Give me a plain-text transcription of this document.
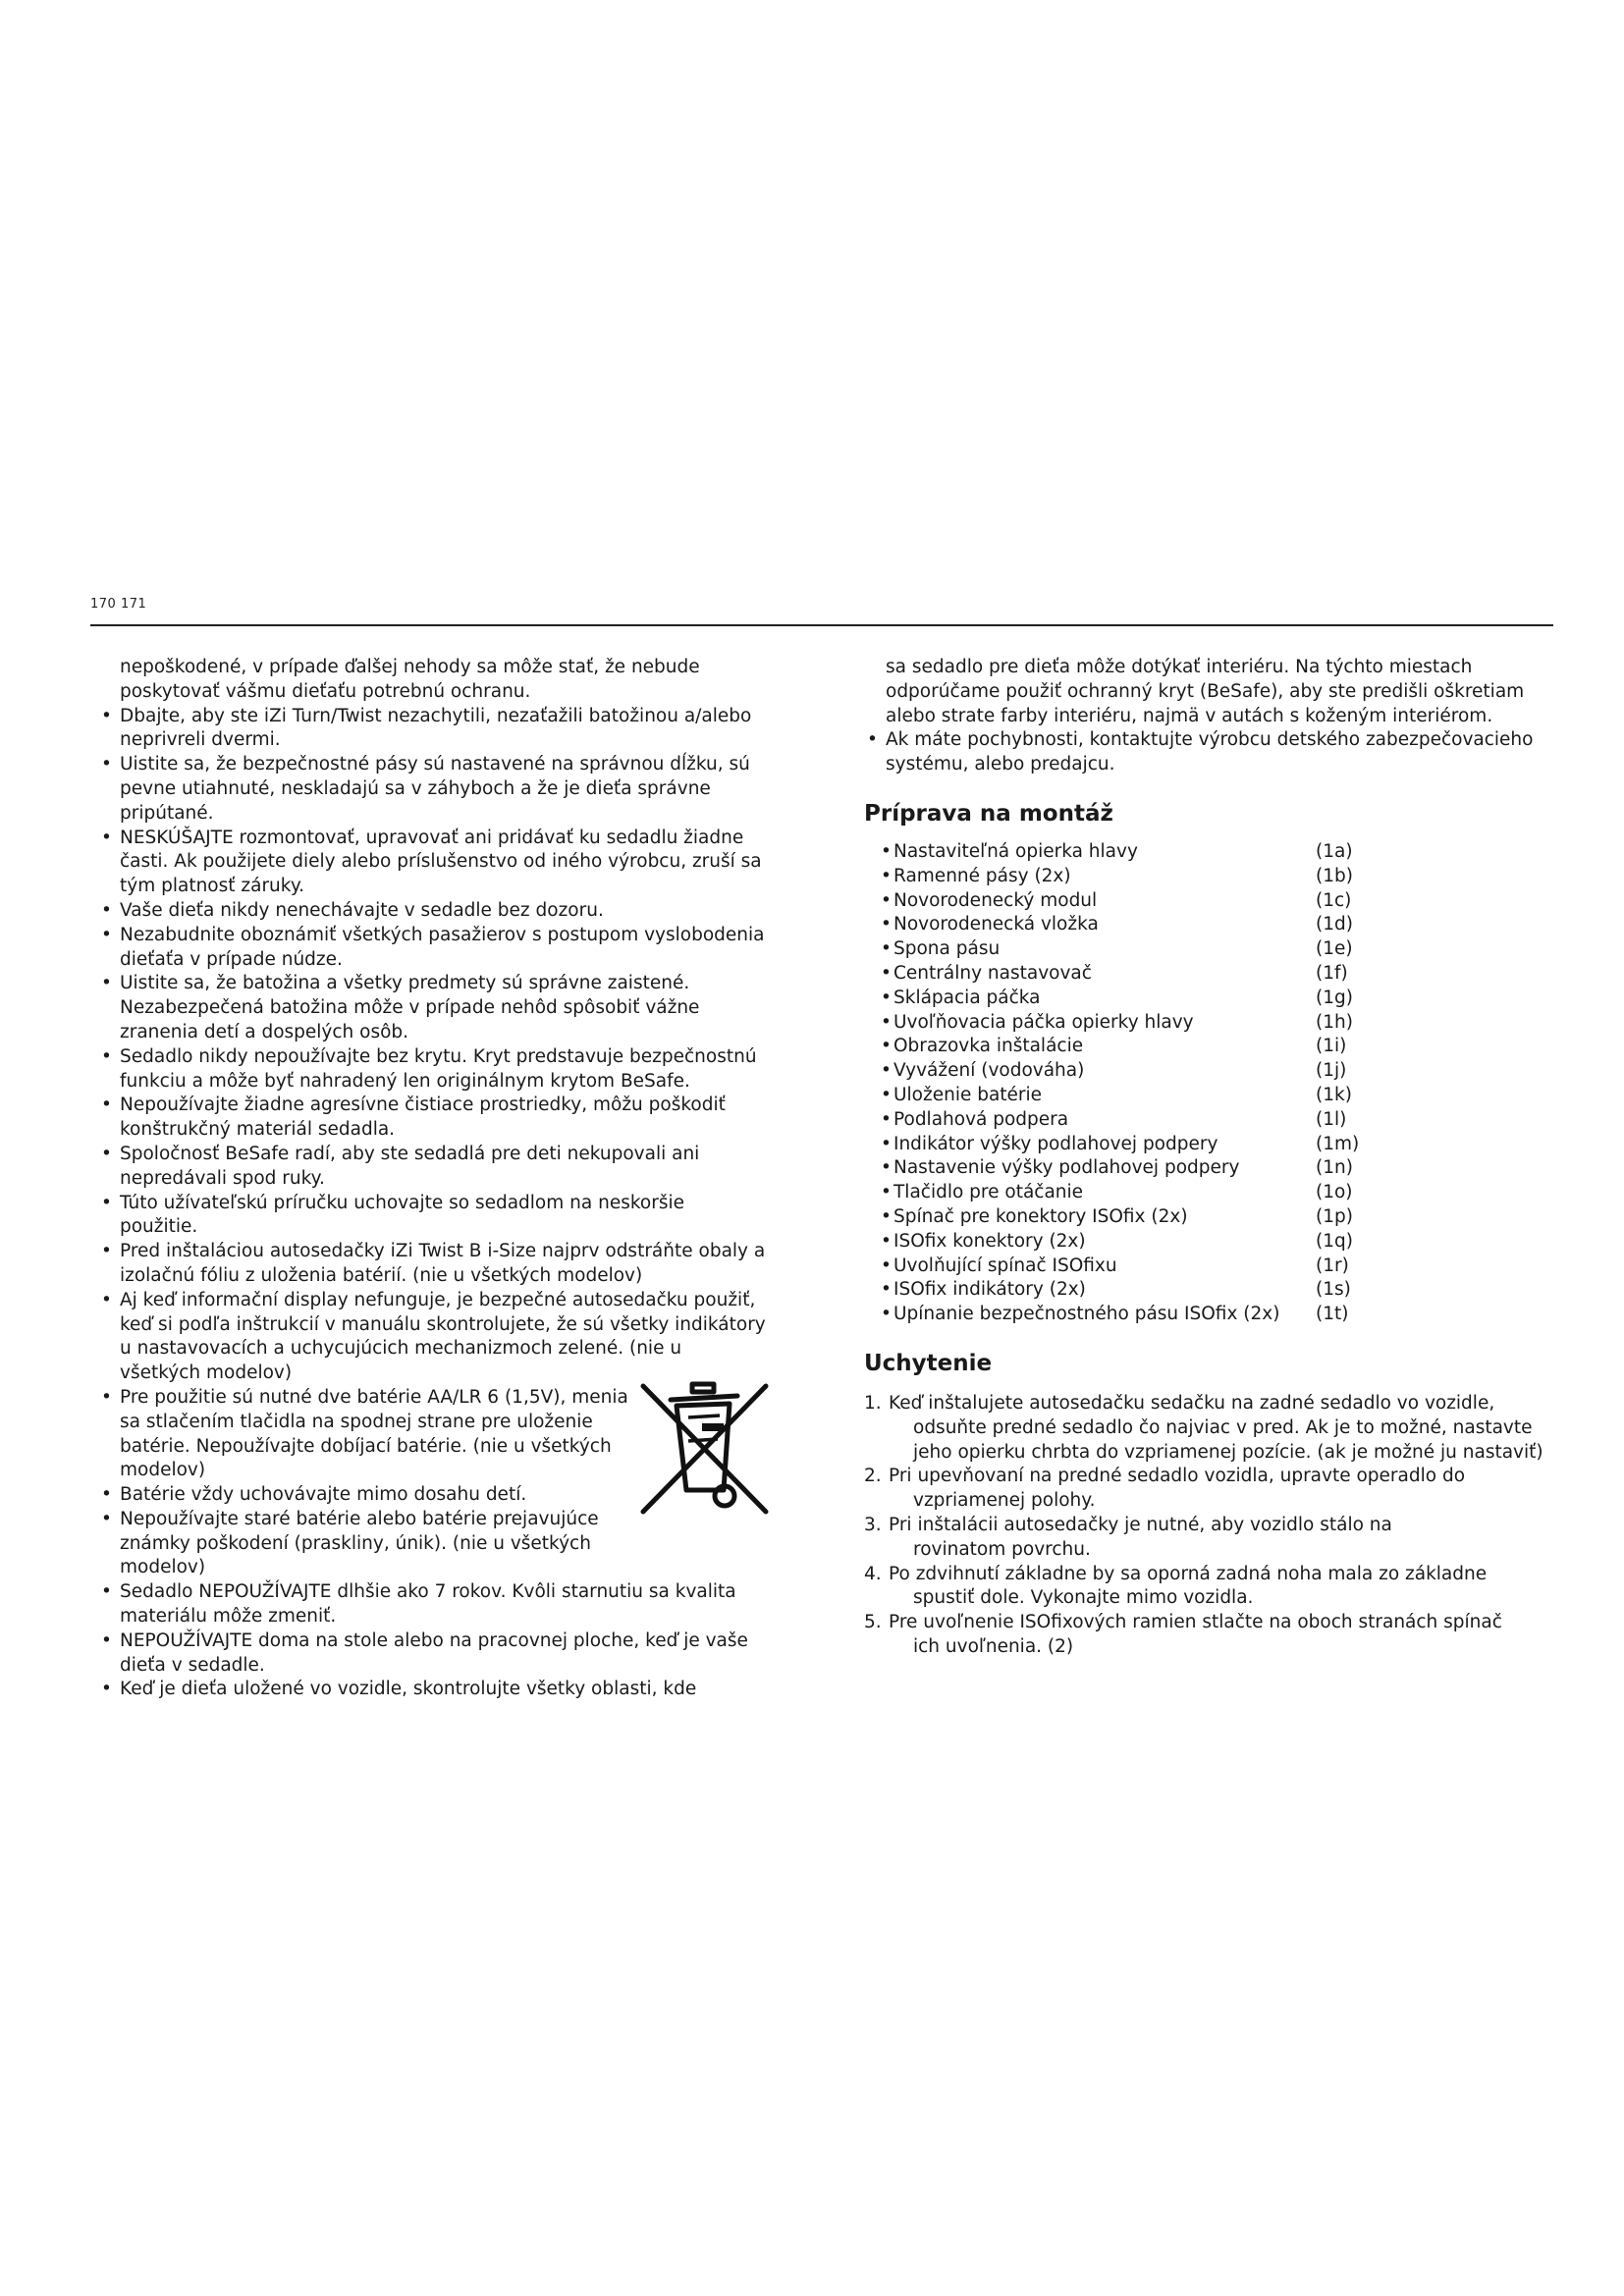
170 171
nepoškodené, v prípade ďalšej nehody sa môže stať, že nebude poskytovať vášmu dieťaťu potrebnú ochranu.
• Dbajte, aby ste iZi Turn/Twist nezachytili, nezaťažili batožinou a/alebo neprivreli dvermi.
• Uistite sa, že bezpečnostné pásy sú nastavené na správnou dĺžku, sú pevne utiahnuté, neskladajú sa v záhyboch a že je dieťa správne pripútané.
• NESKÚŠAJTE rozmontovať, upravovať ani pridávať ku sedadlu žiadne časti. Ak použijete diely alebo príslušenstvo od iného výrobcu, zruší sa tým platnosť záruky.
• Vaše dieťa nikdy nenechávajte v sedadle bez dozoru.
• Nezabudnite oboznámiť všetkých pasažierov s postupom vyslobodenia dieťaťa v prípade núdze.
• Uistite sa, že batožina a všetky predmety sú správne zaistené. Nezabezpečená batožina môže v prípade nehôd spôsobiť vážne zranenia detí a dospelých osôb.
• Sedadlo nikdy nepoužívajte bez krytu. Kryt predstavuje bezpečnostnú funkciu a môže byť nahradený len originálnym krytom BeSafe.
• Nepoužívajte žiadne agresívne čistiace prostriedky, môžu poškodiť konštrukčný materiál sedadla.
• Spoločnosť BeSafe radí, aby ste sedadlá pre deti nekupovali ani nepredávali spod ruky.
• Túto užívateľskú príručku uchovajte so sedadlom na neskoršie použitie.
• Pred inštaláciou autosedačky iZi Twist B i-Size najprv odstráňte obaly a izolačnú fóliu z uloženia batérií. (nie u všetkých modelov)
• Aj keď informační display nefunguje, je bezpečné autosedačku použiť, keď si podľa inštrukcií v manuálu skontrolujete, že sú všetky indikátory u nastavovacích a uchycujúcich mechanizmoch zelené. (nie u všetkých modelov)
• Pre použitie sú nutné dve batérie AA/LR 6 (1,5V), menia sa stlačením tlačidla na spodnej strane pre uloženie batérie. Nepoužívajte dobíjací batérie. (nie u všetkých modelov)
• Batérie vždy uchovávajte mimo dosahu detí.
• Nepoužívajte staré batérie alebo batérie prejavujúce známky poškodení (praskliny, únik). (nie u všetkých modelov)
• Sedadlo NEPOUŽÍVAJTE dlhšie ako 7 rokov. Kvôli starnutiu sa kvalita materiálu môže zmeniť.
• NEPOUŽÍVAJTE doma na stole alebo na pracovnej ploche, keď je vaše dieťa v sedadle.
• Keď je dieťa uložené vo vozidle, skontrolujte všetky oblasti, kde
sa sedadlo pre dieťa môže dotýkať interiéru. Na týchto miestach odporúčame použiť ochranný kryt (BeSafe), aby ste predišli oškretiam alebo strate farby interiéru, najmä v autách s koženým interiérom.
• Ak máte pochybnosti, kontaktujte výrobcu detského zabezpečovacieho systému, alebo predajcu.
Príprava na montáž
• Nastaviteľná opierka hlavy	(1a)
• Ramenné pásy (2x)	(1b)
• Novorodenecký modul	(1c)
• Novorodenecká vložka	(1d)
• Spona pásu	(1e)
• Centrálny nastavovač	(1f)
• Sklápacia páčka	(1g)
• Uvoľňovacia páčka opierky hlavy	(1h)
• Obrazovka inštalácie	(1i)
• Vyvážení (vodováha)	(1j)
• Uloženie batérie	(1k)
• Podlahová podpera	(1l)
• Indikátor výšky podlahovej podpery	(1m)
• Nastavenie výšky podlahovej podpery	(1n)
• Tlačidlo pre otáčanie	(1o)
• Spínač pre konektory ISOfix (2x)	(1p)
• ISOfix konektory (2x)	(1q)
• Uvolňující spínač ISOfixu	(1r)
• ISOfix indikátory (2x)	(1s)
• Upínanie bezpečnostného pásu ISOfix (2x) (1t)
Uchytenie
1. Keď inštalujete autosedačku sedačku na zadné sedadlo vo vozidle,
odsuňte predné sedadlo čo najviac v pred. Ak je to možné, nastavte jeho opierku chrbta do vzpriamenej pozície. (ak je možné ju nastaviť)
2. Pri upevňovaní na predné sedadlo vozidla, upravte operadlo do
vzpriamenej polohy.
3. Pri inštalácii autosedačky je nutné, aby vozidlo stálo na
rovinatom povrchu.
4. Po zdvihnutí základne by sa oporná zadná noha mala zo základne
spustiť dole. Vykonajte mimo vozidla.
5. Pre uvoľnenie ISOfixových ramien stlačte na oboch stranách spínač
ich uvoľnenia. (2)
